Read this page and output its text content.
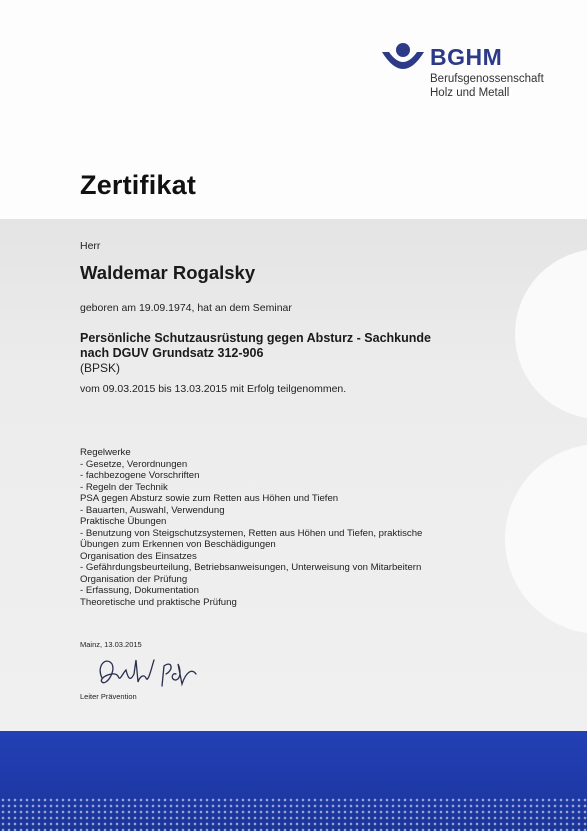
BGHM
Berufsgenossenschaft
Holz und Metall
Zertifikat
Herr
Waldemar Rogalsky
geboren am 19.09.1974, hat an dem Seminar
Persönliche Schutzausrüstung gegen Absturz - Sachkunde
nach DGUV Grundsatz 312-906
(BPSK)
vom 09.03.2015 bis 13.03.2015 mit Erfolg teilgenommen.
Regelwerke
- Gesetze, Verordnungen
- fachbezogene Vorschriften
- Regeln der Technik
PSA gegen Absturz sowie zum Retten aus Höhen und Tiefen
- Bauarten, Auswahl, Verwendung
Praktische Übungen
- Benutzung von Steigschutzsystemen, Retten aus Höhen und Tiefen, praktische
Übungen zum Erkennen von Beschädigungen
Organisation des Einsatzes
- Gefährdungsbeurteilung, Betriebsanweisungen, Unterweisung von Mitarbeitern
Organisation der Prüfung
- Erfassung, Dokumentation
Theoretische und praktische Prüfung
Mainz, 13.03.2015
Leiter Prävention
